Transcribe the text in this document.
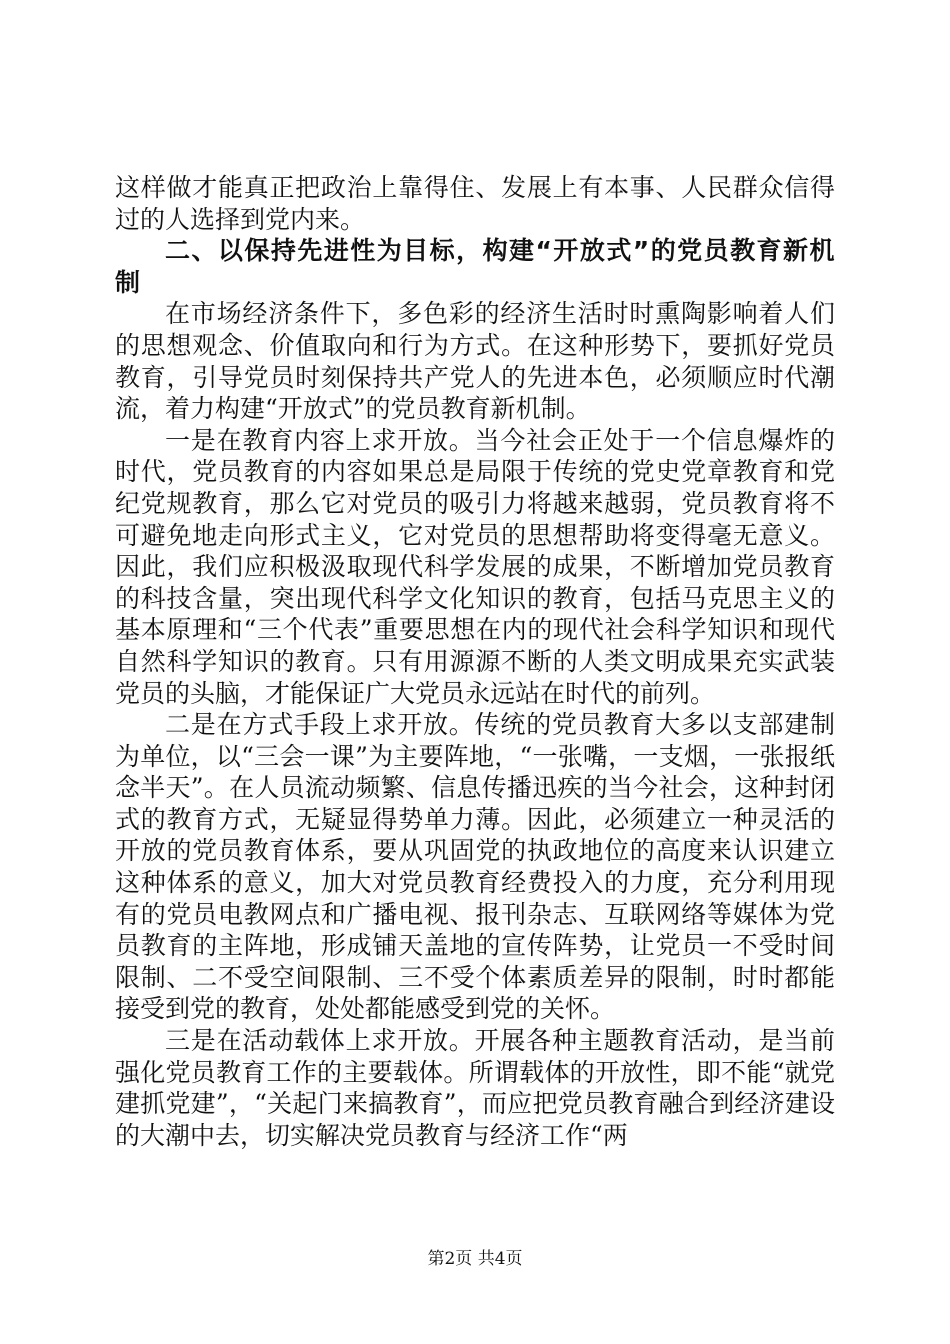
这样做才能真正把政治上靠得住、发展上有本事、人民群众信得过的人选择到党内来。

二、以保持先进性为目标，构建“开放式”的党员教育新机制

在市场经济条件下，多色彩的经济生活时时熏陶影响着人们的思想观念、价值取向和行为方式。在这种形势下，要抓好党员教育，引导党员时刻保持共产党人的先进本色，必须顺应时代潮流，着力构建“开放式”的党员教育新机制。

一是在教育内容上求开放。当今社会正处于一个信息爆炸的时代，党员教育的内容如果总是局限于传统的党史党章教育和党纪党规教育，那么它对党员的吸引力将越来越弱，党员教育将不可避免地走向形式主义，它对党员的思想帮助将变得毫无意义。因此，我们应积极汲取现代科学发展的成果，不断增加党员教育的科技含量，突出现代科学文化知识的教育，包括马克思主义的基本原理和“三个代表”重要思想在内的现代社会科学知识和现代自然科学知识的教育。只有用源源不断的人类文明成果充实武装党员的头脑，才能保证广大党员永远站在时代的前列。

二是在方式手段上求开放。传统的党员教育大多以支部建制为单位，以“三会一课”为主要阵地，“一张嘴，一支烟，一张报纸念半天”。在人员流动频繁、信息传播迅疾的当今社会，这种封闭式的教育方式，无疑显得势单力薄。因此，必须建立一种灵活的开放的党员教育体系，要从巩固党的执政地位的高度来认识建立这种体系的意义，加大对党员教育经费投入的力度，充分利用现有的党员电教网点和广播电视、报刊杂志、互联网络等媒体为党员教育的主阵地，形成铺天盖地的宣传阵势，让党员一不受时间限制、二不受空间限制、三不受个体素质差异的限制，时时都能接受到党的教育，处处都能感受到党的关怀。

三是在活动载体上求开放。开展各种主题教育活动，是当前强化党员教育工作的主要载体。所谓载体的开放性，即不能“就党建抓党建”，“关起门来搞教育”，而应把党员教育融合到经济建设的大潮中去，切实解决党员教育与经济工作“两

第2页 共4页
